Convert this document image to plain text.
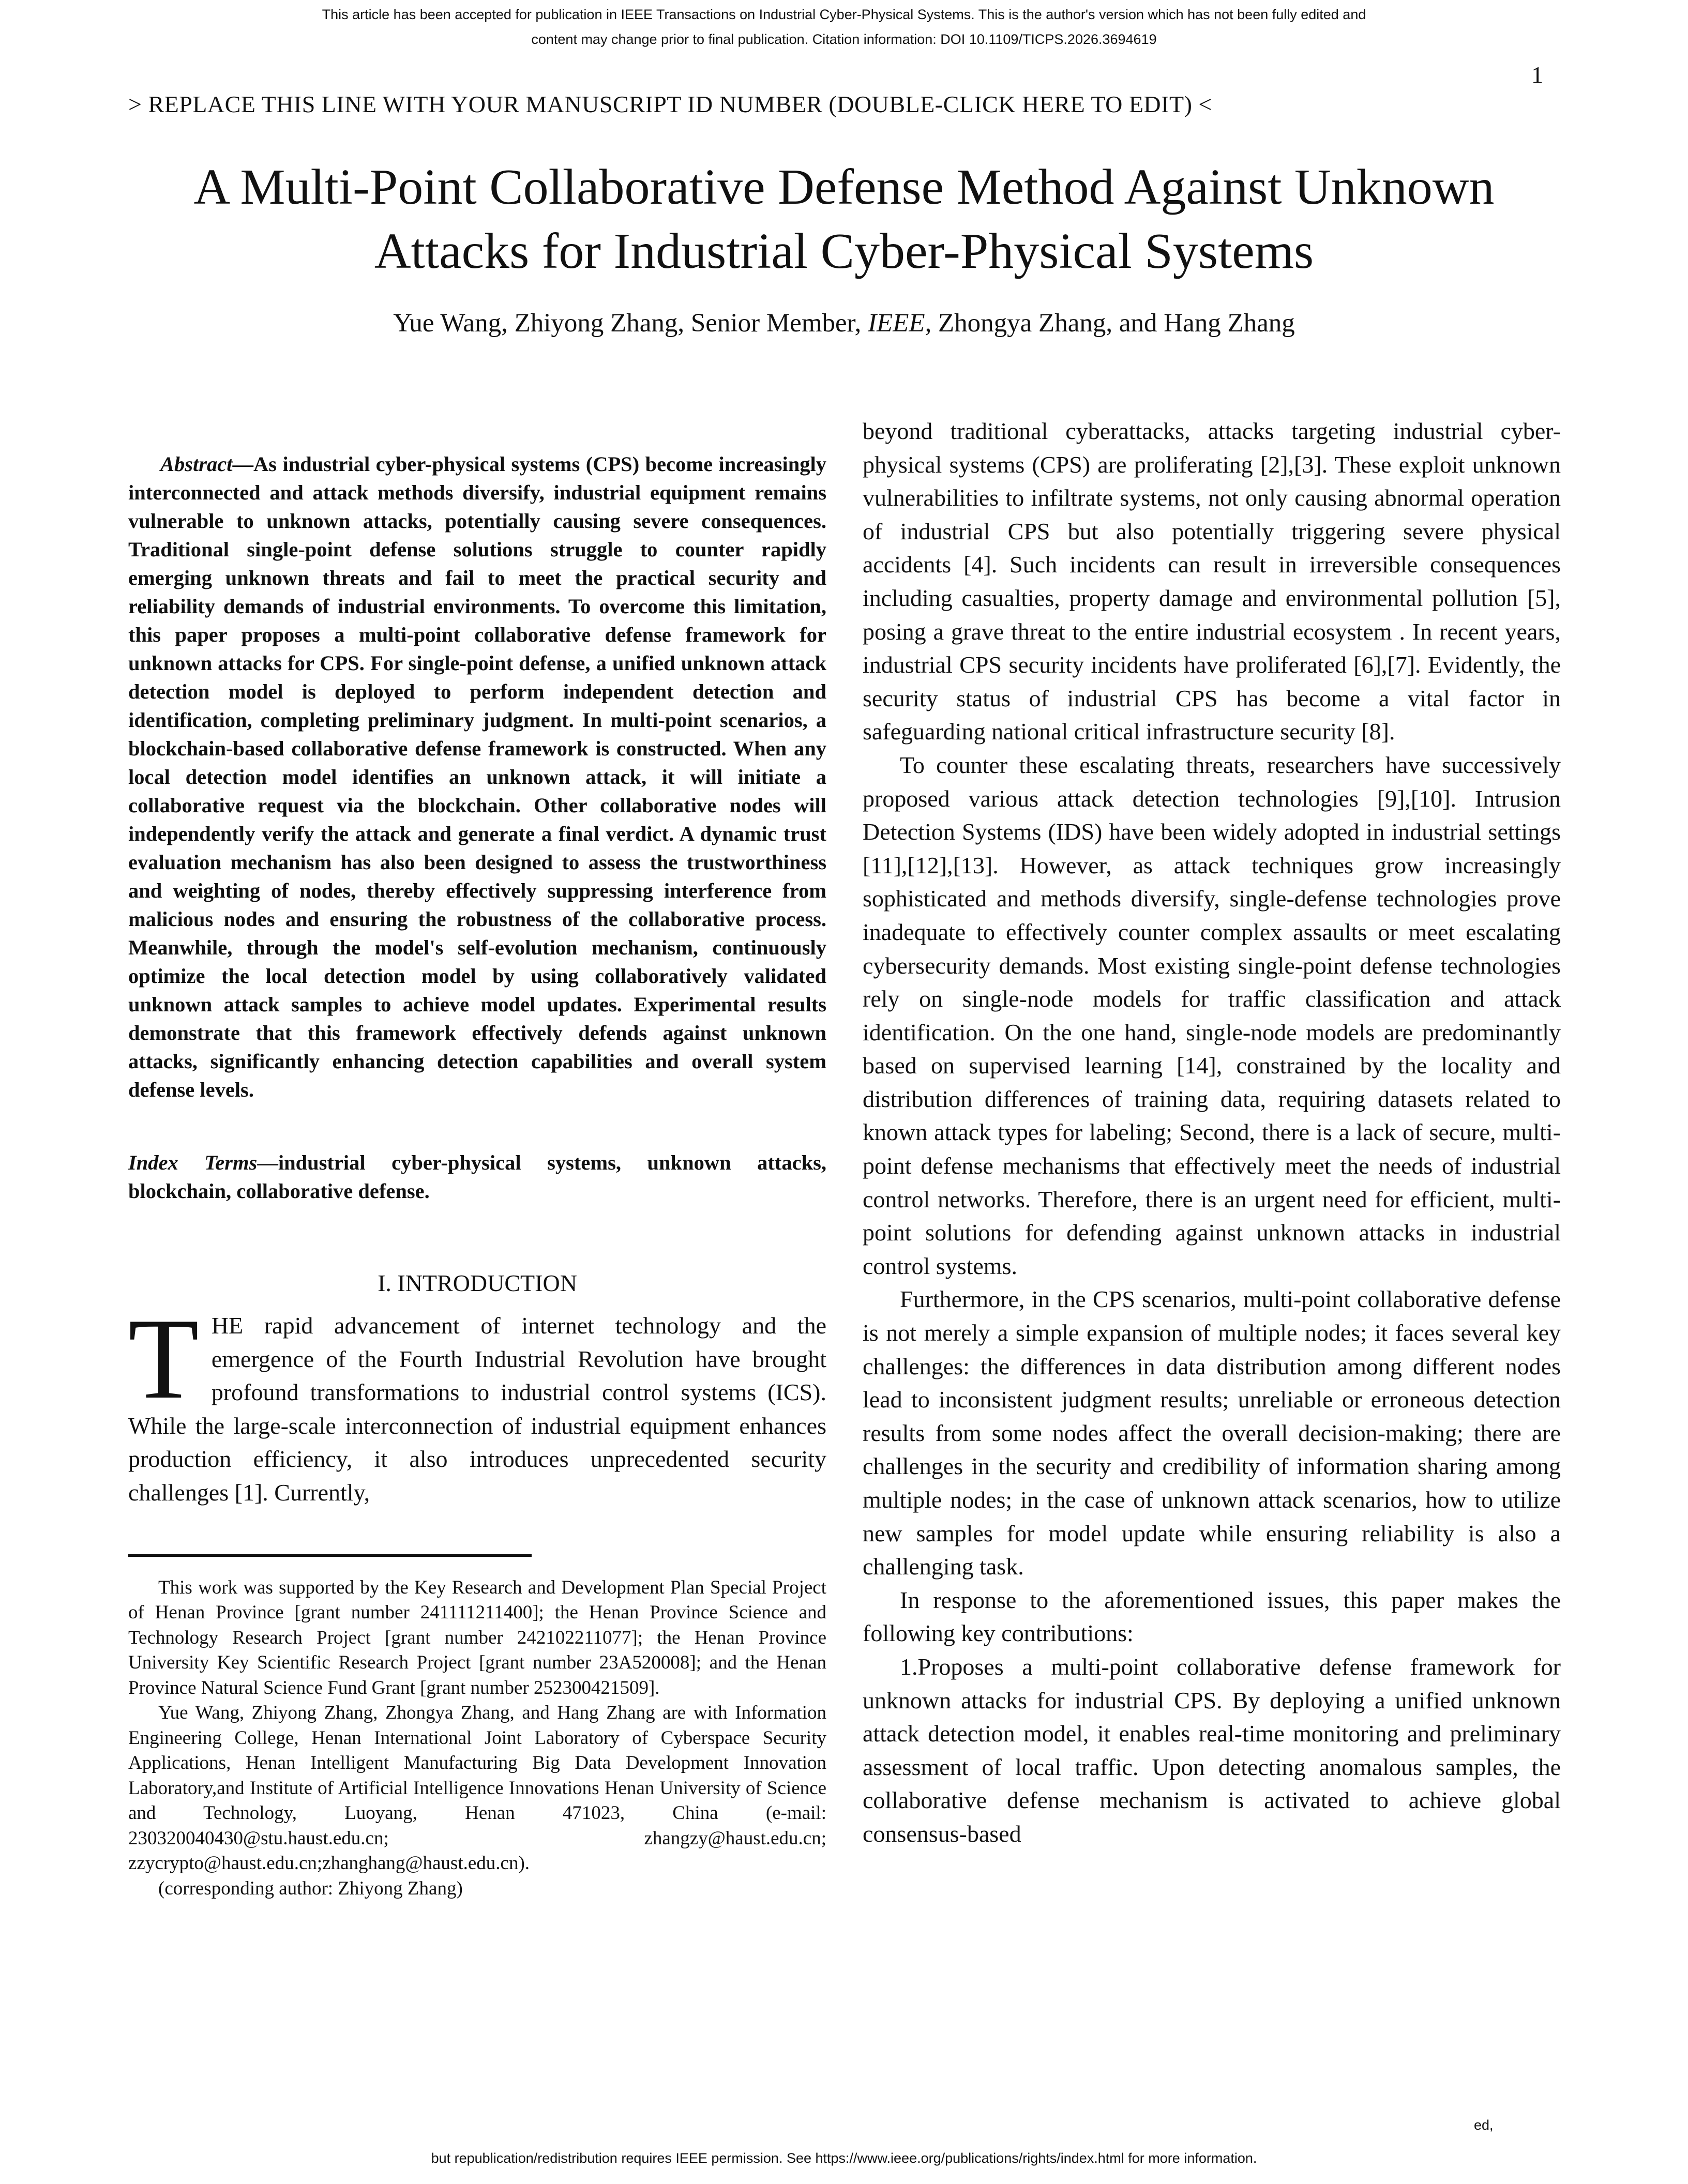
This article has been accepted for publication in IEEE Transactions on Industrial Cyber-Physical Systems. This is the author's version which has not been fully edited and
content may change prior to final publication. Citation information: DOI 10.1109/TICPS.2026.3694619
1
> REPLACE THIS LINE WITH YOUR MANUSCRIPT ID NUMBER (DOUBLE-CLICK HERE TO EDIT) <
A Multi-Point Collaborative Defense Method Against Unknown
Attacks for Industrial Cyber-Physical Systems
Yue Wang, Zhiyong Zhang, Senior Member, IEEE, Zhongya Zhang, and Hang Zhang

Abstract—As industrial cyber-physical systems (CPS) become increasingly interconnected and attack methods diversify, industrial equipment remains vulnerable to unknown attacks, potentially causing severe consequences. Traditional single-point defense solutions struggle to counter rapidly emerging unknown threats and fail to meet the practical security and reliability demands of industrial environments. To overcome this limitation, this paper proposes a multi-point collaborative defense framework for unknown attacks for CPS. For single-point defense, a unified unknown attack detection model is deployed to perform independent detection and identification, completing preliminary judgment. In multi-point scenarios, a blockchain-based collaborative defense framework is constructed. When any local detection model identifies an unknown attack, it will initiate a collaborative request via the blockchain. Other collaborative nodes will independently verify the attack and generate a final verdict. A dynamic trust evaluation mechanism has also been designed to assess the trustworthiness and weighting of nodes, thereby effectively suppressing interference from malicious nodes and ensuring the robustness of the collaborative process. Meanwhile, through the model's self-evolution mechanism, continuously optimize the local detection model by using collaboratively validated unknown attack samples to achieve model updates. Experimental results demonstrate that this framework effectively defends against unknown attacks, significantly enhancing detection capabilities and overall system defense levels.

Index Terms—industrial cyber-physical systems, unknown attacks, blockchain, collaborative defense.

I. INTRODUCTION

THE rapid advancement of internet technology and the emergence of the Fourth Industrial Revolution have brought profound transformations to industrial control systems (ICS). While the large-scale interconnection of industrial equipment enhances production efficiency, it also introduces unprecedented security challenges [1]. Currently,

This work was supported by the Key Research and Development Plan Special Project of Henan Province [grant number 241111211400]; the Henan Province Science and Technology Research Project [grant number 242102211077]; the Henan Province University Key Scientific Research Project [grant number 23A520008]; and the Henan Province Natural Science Fund Grant [grant number 252300421509].

Yue Wang, Zhiyong Zhang, Zhongya Zhang, and Hang Zhang are with Information Engineering College, Henan International Joint Laboratory of Cyberspace Security Applications, Henan Intelligent Manufacturing Big Data Development Innovation Laboratory,and Institute of Artificial Intelligence Innovations Henan University of Science and Technology, Luoyang, Henan 471023, China (e-mail: 230320040430@stu.haust.edu.cn; zhangzy@haust.edu.cn; zzycrypto@haust.edu.cn;zhanghang@haust.edu.cn).

(corresponding author: Zhiyong Zhang)

beyond traditional cyberattacks, attacks targeting industrial cyber-physical systems (CPS) are proliferating [2],[3]. These exploit unknown vulnerabilities to infiltrate systems, not only causing abnormal operation of industrial CPS but also potentially triggering severe physical accidents [4]. Such incidents can result in irreversible consequences including casualties, property damage and environmental pollution [5], posing a grave threat to the entire industrial ecosystem . In recent years, industrial CPS security incidents have proliferated [6],[7]. Evidently, the security status of industrial CPS has become a vital factor in safeguarding national critical infrastructure security [8].

To counter these escalating threats, researchers have successively proposed various attack detection technologies [9],[10]. Intrusion Detection Systems (IDS) have been widely adopted in industrial settings [11],[12],[13]. However, as attack techniques grow increasingly sophisticated and methods diversify, single-defense technologies prove inadequate to effectively counter complex assaults or meet escalating cybersecurity demands. Most existing single-point defense technologies rely on single-node models for traffic classification and attack identification. On the one hand, single-node models are predominantly based on supervised learning [14], constrained by the locality and distribution differences of training data, requiring datasets related to known attack types for labeling; Second, there is a lack of secure, multi-point defense mechanisms that effectively meet the needs of industrial control networks. Therefore, there is an urgent need for efficient, multi-point solutions for defending against unknown attacks in industrial control systems.

Furthermore, in the CPS scenarios, multi-point collaborative defense is not merely a simple expansion of multiple nodes; it faces several key challenges: the differences in data distribution among different nodes lead to inconsistent judgment results; unreliable or erroneous detection results from some nodes affect the overall decision-making; there are challenges in the security and credibility of information sharing among multiple nodes; in the case of unknown attack scenarios, how to utilize new samples for model update while ensuring reliability is also a challenging task.

In response to the aforementioned issues, this paper makes the following key contributions:

1.Proposes a multi-point collaborative defense framework for unknown attacks for industrial CPS. By deploying a unified unknown attack detection model, it enables real-time monitoring and preliminary assessment of local traffic. Upon detecting anomalous samples, the collaborative defense mechanism is activated to achieve global consensus-based

ed,
but republication/redistribution requires IEEE permission. See https://www.ieee.org/publications/rights/index.html for more information.
